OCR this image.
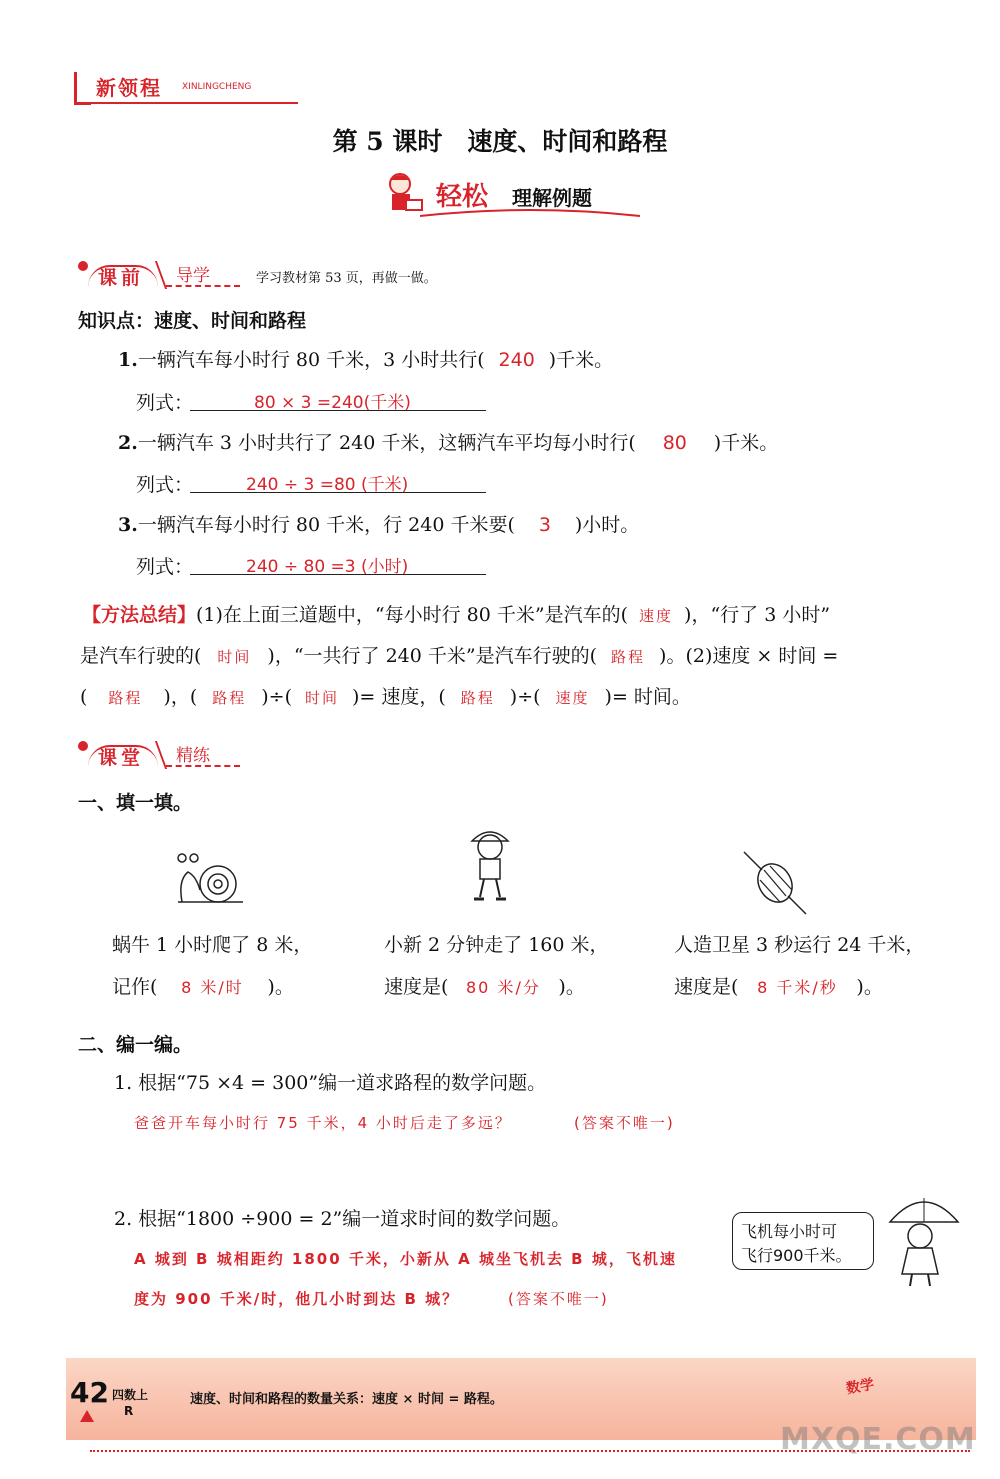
新领程 XINLINGCHENG
第 5 课时　速度、时间和路程
轻松 理解例题
课前 导学	学习教材第 53 页，再做一做。
知识点：速度、时间和路程
1.一辆汽车每小时行 80 千米，3 小时共行( 240 )千米。
列式：	80 × 3 =240(千米)
2.一辆汽车 3 小时共行了 240 千米，这辆汽车平均每小时行( 80 )千米。
列式：	240 ÷ 3 =80 (千米)
3.一辆汽车每小时行 80 千米，行 240 千米要( 3 )小时。
列式：	240 ÷ 80 =3 (小时)
【方法总结】(1)在上面三道题中，“每小时行 80 千米”是汽车的( 速度 )，“行了 3 小时”
是汽车行驶的( 时间 )，“一共行了 240 千米”是汽车行驶的( 路程 )。(2)速度 × 时间 =
( 路程 )，( 路程 )÷( 时间 )= 速度，( 路程 )÷( 速度 )= 时间。
课堂 精练
一、填一填。
蜗牛 1 小时爬了 8 米，
记作( 8 米/时 )。
小新 2 分钟走了 160 米，
速度是( 80 米/分 )。
人造卫星 3 秒运行 24 千米，
速度是( 8 千米/秒 )。
二、编一编。
1. 根据“75 ×4 = 300”编一道求路程的数学问题。
爸爸开车每小时行 75 千米，4 小时后走了多远？	(答案不唯一)
2. 根据“1800 ÷900 = 2”编一道求时间的数学问题。
A 城到 B 城相距约 1800 千米，小新从 A 城坐飞机去 B 城，飞机速
度为 900 千米/时，他几小时到达 B 城？	(答案不唯一)
飞机每小时可
飞行900千米。
42 四数上
R
速度、时间和路程的数量关系：速度 × 时间 = 路程。
数学
MXQE.COM
